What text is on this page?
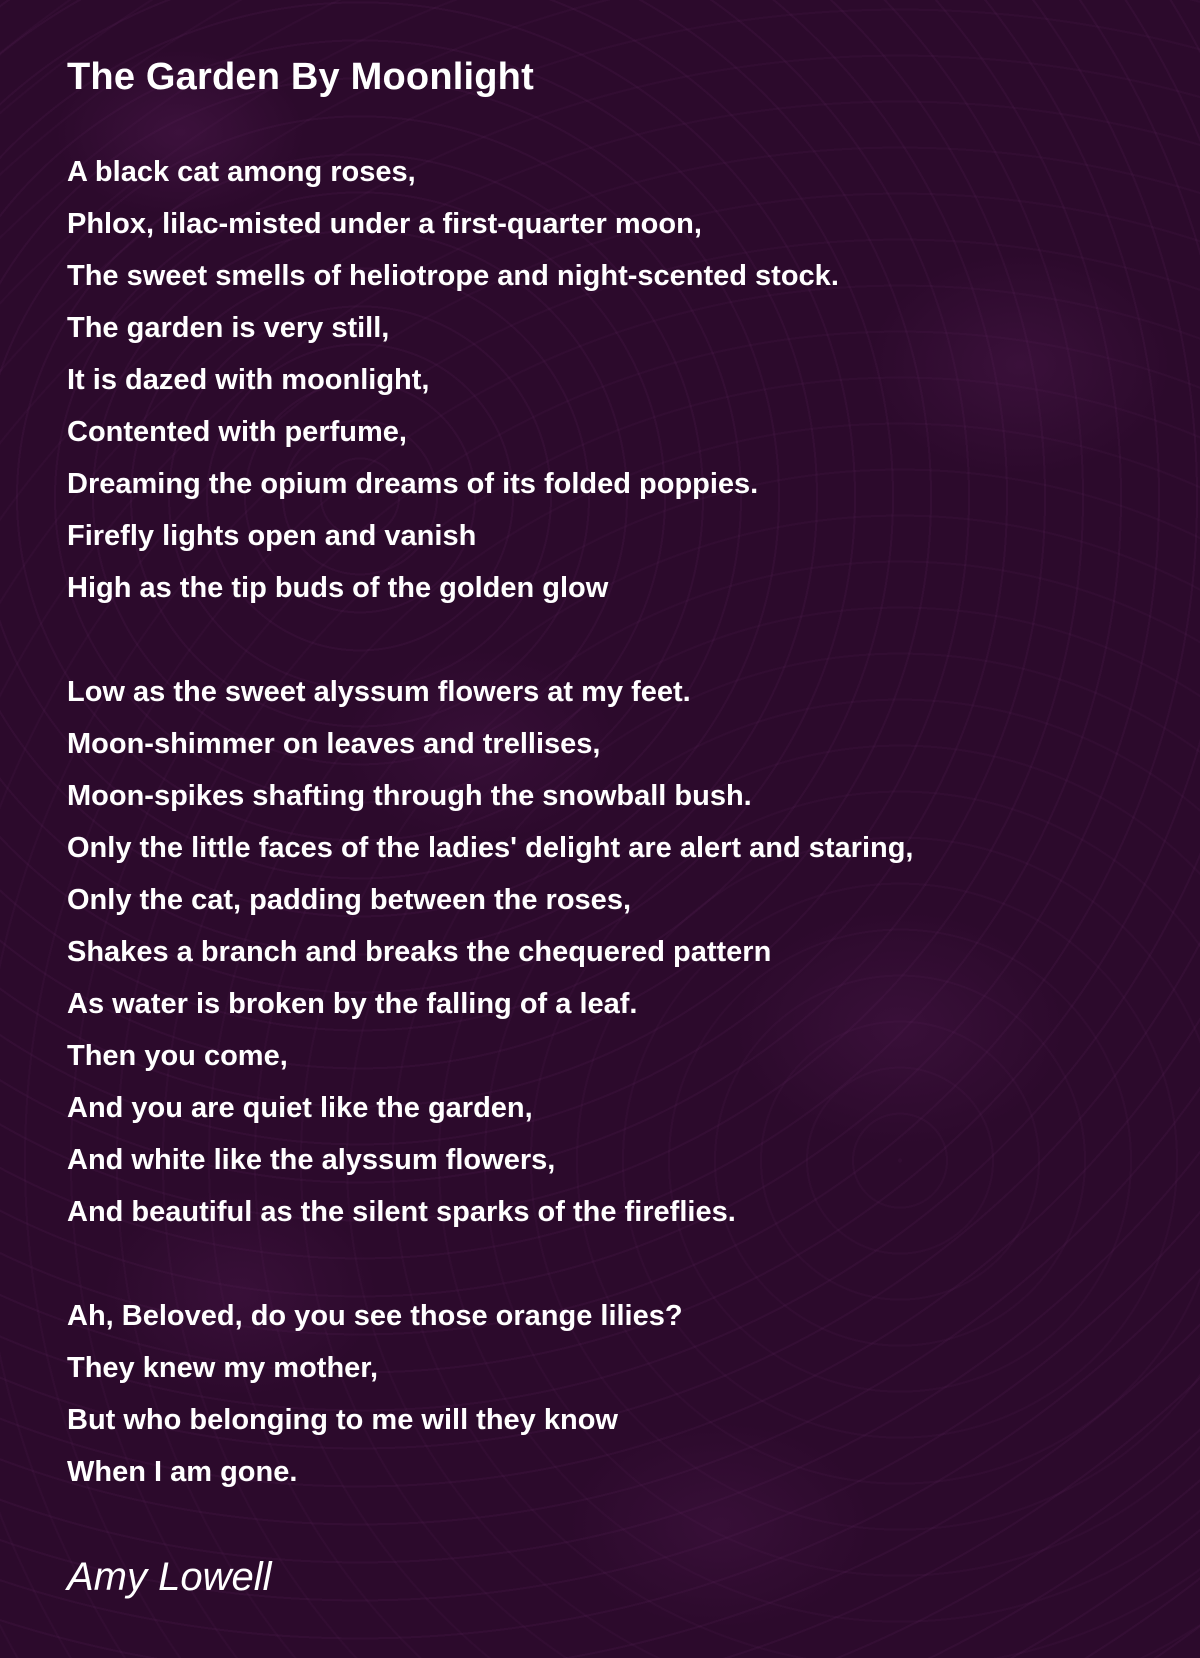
The Garden By Moonlight
A black cat among roses,
Phlox, lilac-misted under a first-quarter moon,
The sweet smells of heliotrope and night-scented stock.
The garden is very still,
It is dazed with moonlight,
Contented with perfume,
Dreaming the opium dreams of its folded poppies.
Firefly lights open and vanish
High as the tip buds of the golden glow
Low as the sweet alyssum flowers at my feet.
Moon-shimmer on leaves and trellises,
Moon-spikes shafting through the snowball bush.
Only the little faces of the ladies' delight are alert and staring,
Only the cat, padding between the roses,
Shakes a branch and breaks the chequered pattern
As water is broken by the falling of a leaf.
Then you come,
And you are quiet like the garden,
And white like the alyssum flowers,
And beautiful as the silent sparks of the fireflies.
Ah, Beloved, do you see those orange lilies?
They knew my mother,
But who belonging to me will they know
When I am gone.

Amy Lowell
